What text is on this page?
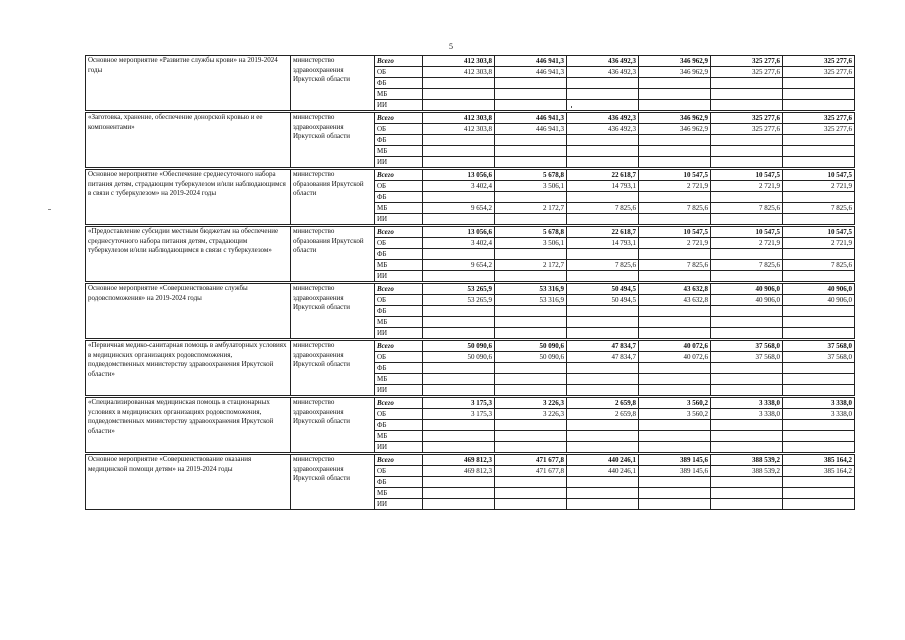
5
Основное мероприятие «Развитие службы крови» на 2019-2024 годы	министерство здравоохранения Иркутской области	Всего	412 303,8	446 941,3	436 492,3	346 962,9	325 277,6	325 277,6
		ОБ	412 303,8	446 941,3	436 492,3	346 962,9	325 277,6	325 277,6
		ФБ						
		МБ						
		ИИ						

«Заготовка, хранение, обеспечение донорской кровью и ее компонентами»	министерство здравоохранения Иркутской области	Всего	412 303,8	446 941,3	436 492,3	346 962,9	325 277,6	325 277,6
		ОБ	412 303,8	446 941,3	436 492,3	346 962,9	325 277,6	325 277,6
		ФБ						
		МБ						
		ИИ						

Основное мероприятие «Обеспечение среднесуточного набора питания детям, страдающим туберкулезом и/или наблюдающимся в связи с туберкулезом» на 2019-2024 годы	министерство образования Иркутской области	Всего	13 056,6	5 678,8	22 618,7	10 547,5	10 547,5	10 547,5
		ОБ	3 402,4	3 506,1	14 793,1	2 721,9	2 721,9	2 721,9
		ФБ						
		МБ	9 654,2	2 172,7	7 825,6	7 825,6	7 825,6	7 825,6
		ИИ						

«Предоставление субсидии местным бюджетам на обеспечение среднесуточного набора питания детям, страдающим туберкулезом и/или наблюдающимся в связи с туберкулезом»	министерство образования Иркутской области	Всего	13 056,6	5 678,8	22 618,7	10 547,5	10 547,5	10 547,5
		ОБ	3 402,4	3 506,1	14 793,1	2 721,9	2 721,9	2 721,9
		ФБ						
		МБ	9 654,2	2 172,7	7 825,6	7 825,6	7 825,6	7 825,6
		ИИ						

Основное мероприятие «Совершенствование службы родовспоможения» на 2019-2024 годы	министерство здравоохранения Иркутской области	Всего	53 265,9	53 316,9	50 494,5	43 632,8	40 906,0	40 906,0
		ОБ	53 265,9	53 316,9	50 494,5	43 632,8	40 906,0	40 906,0
		ФБ						
		МБ						
		ИИ						

«Первичная медико-санитарная помощь в амбулаторных условиях в медицинских организациях родовспоможения, подведомственных министерству здравоохранения Иркутской области»	министерство здравоохранения Иркутской области	Всего	50 090,6	50 090,6	47 834,7	40 072,6	37 568,0	37 568,0
		ОБ	50 090,6	50 090,6	47 834,7	40 072,6	37 568,0	37 568,0
		ФБ						
		МБ						
		ИИ						

«Специализированная медицинская помощь в стационарных условиях в медицинских организациях родовспоможения, подведомственных министерству здравоохранения Иркутской области»	министерство здравоохранения Иркутской области	Всего	3 175,3	3 226,3	2 659,8	3 560,2	3 338,0	3 338,0
		ОБ	3 175,3	3 226,3	2 659,8	3 560,2	3 338,0	3 338,0
		ФБ						
		МБ						
		ИИ						

Основное мероприятие «Совершенствование оказания медицинской помощи детям» на 2019-2024 годы	министерство здравоохранения Иркутской области	Всего	469 812,3	471 677,8	440 246,1	389 145,6	388 539,2	385 164,2
		ОБ	469 812,3	471 677,8	440 246,1	389 145,6	388 539,2	385 164,2
		ФБ						
		МБ						
		ИИ						
